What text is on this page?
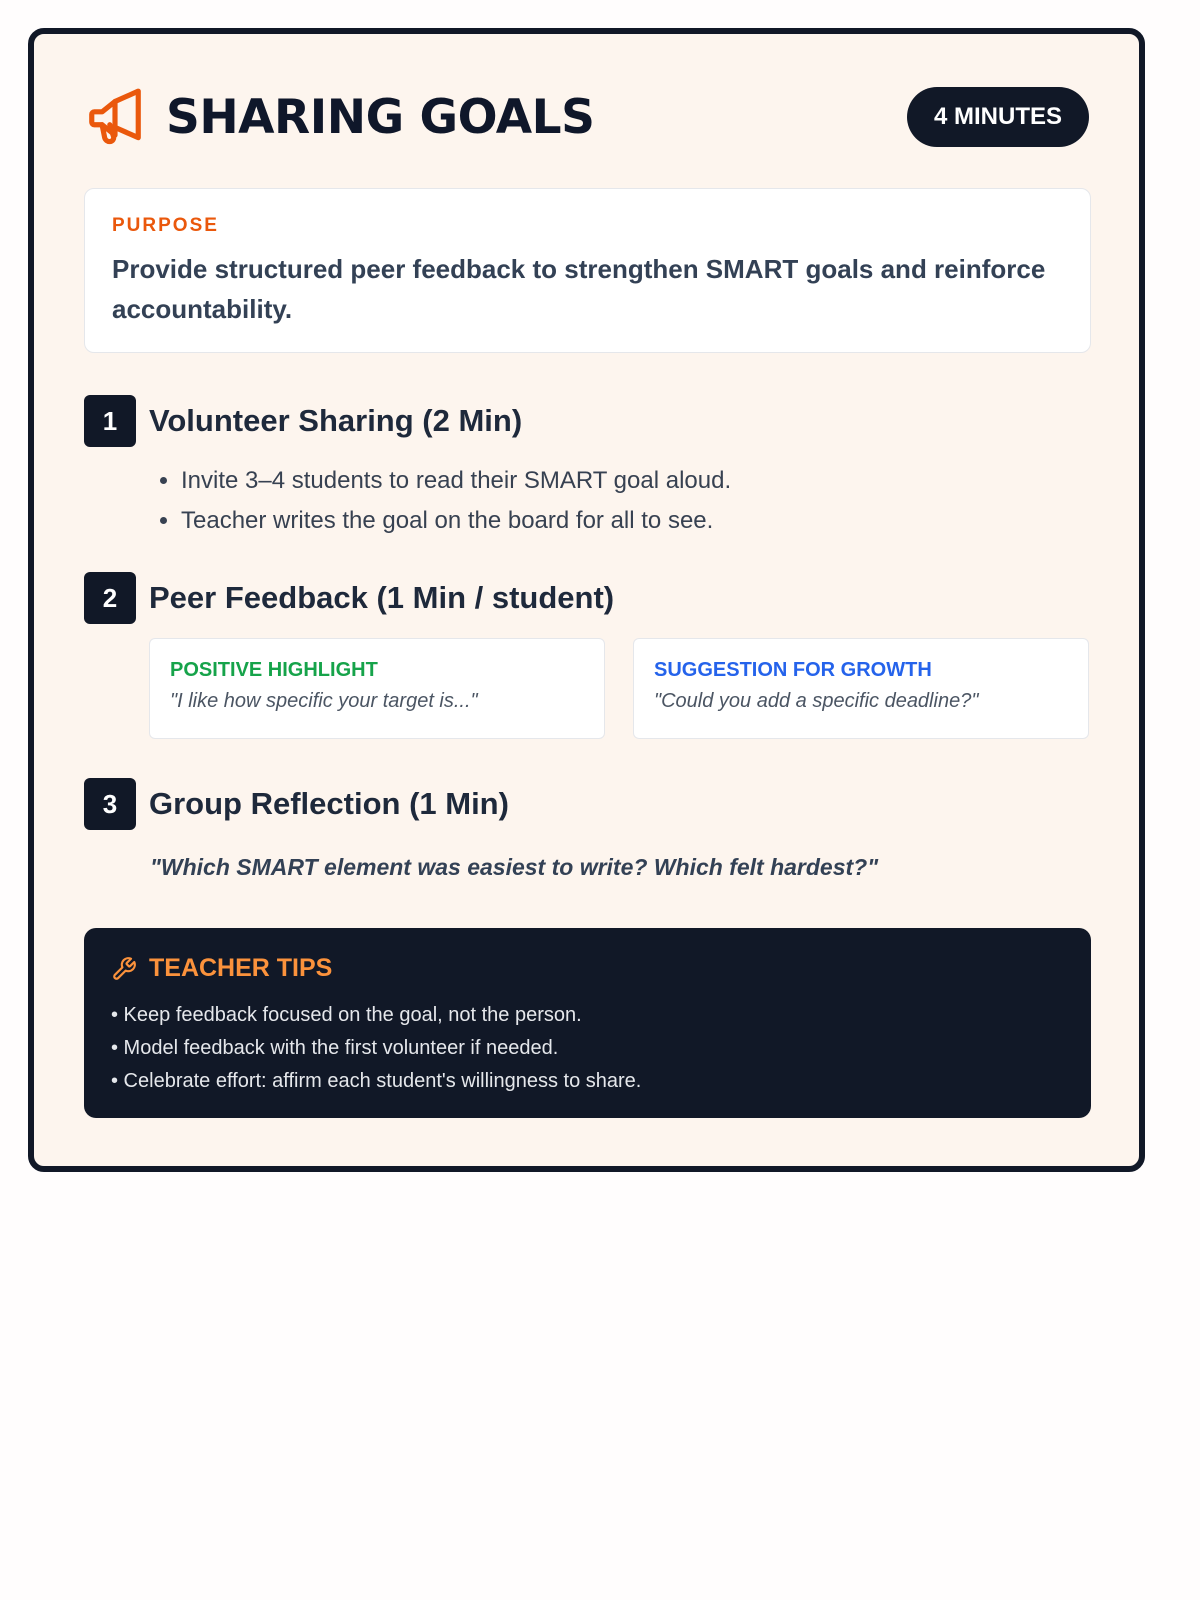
SHARING GOALS	4 MINUTES
PURPOSE
Provide structured peer feedback to strengthen SMART goals and reinforce accountability.
1	Volunteer Sharing (2 Min)
• Invite 3–4 students to read their SMART goal aloud.
• Teacher writes the goal on the board for all to see.
2	Peer Feedback (1 Min / student)
POSITIVE HIGHLIGHT
"I like how specific your target is..."
SUGGESTION FOR GROWTH
"Could you add a specific deadline?"
3	Group Reflection (1 Min)
"Which SMART element was easiest to write? Which felt hardest?"
TEACHER TIPS
• Keep feedback focused on the goal, not the person.
• Model feedback with the first volunteer if needed.
• Celebrate effort: affirm each student's willingness to share.
